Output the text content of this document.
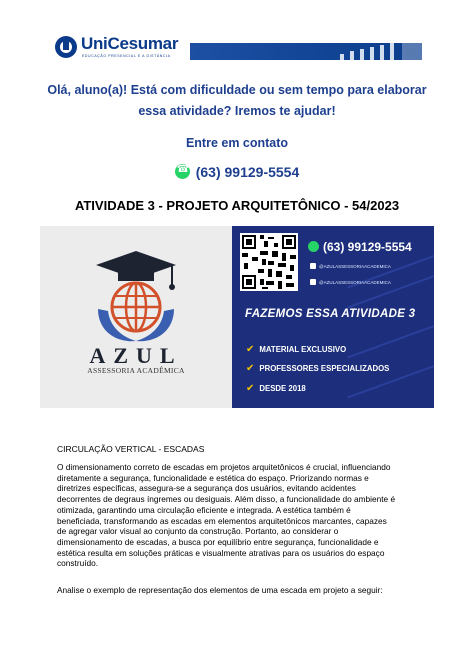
UniCesumar
EDUCAÇÃO PRESENCIAL E A DISTÂNCIA
Olá, aluno(a)! Está com dificuldade ou sem tempo para elaborar
essa atividade? Iremos te ajudar!
Entre em contato
☎(63) 99129-5554
ATIVIDADE 3 - PROJETO ARQUITETÔNICO - 54/2023
AZUL
ASSESSORIA ACADÊMICA
(63) 99129-5554
@AZULASSESSORIAACADEMICA
@AZULASSESSORIAACADEMICA
FAZEMOS ESSA ATIVIDADE 3
✔ MATERIAL EXCLUSIVO
✔ PROFESSORES ESPECIALIZADOS
✔ DESDE 2018
CIRCULAÇÃO VERTICAL - ESCADAS
O dimensionamento correto de escadas em projetos arquitetônicos é crucial, influenciando
diretamente a segurança, funcionalidade e estética do espaço. Priorizando normas e
diretrizes específicas, assegura-se a segurança dos usuários, evitando acidentes
decorrentes de degraus íngremes ou desiguais. Além disso, a funcionalidade do ambiente é
otimizada, garantindo uma circulação eficiente e integrada. A estética também é
beneficiada, transformando as escadas em elementos arquitetônicos marcantes, capazes
de agregar valor visual ao conjunto da construção. Portanto, ao considerar o
dimensionamento de escadas, a busca por equilíbrio entre segurança, funcionalidade e
estética resulta em soluções práticas e visualmente atrativas para os usuários do espaço
construído.
Analise o exemplo de representação dos elementos de uma escada em projeto a seguir:
